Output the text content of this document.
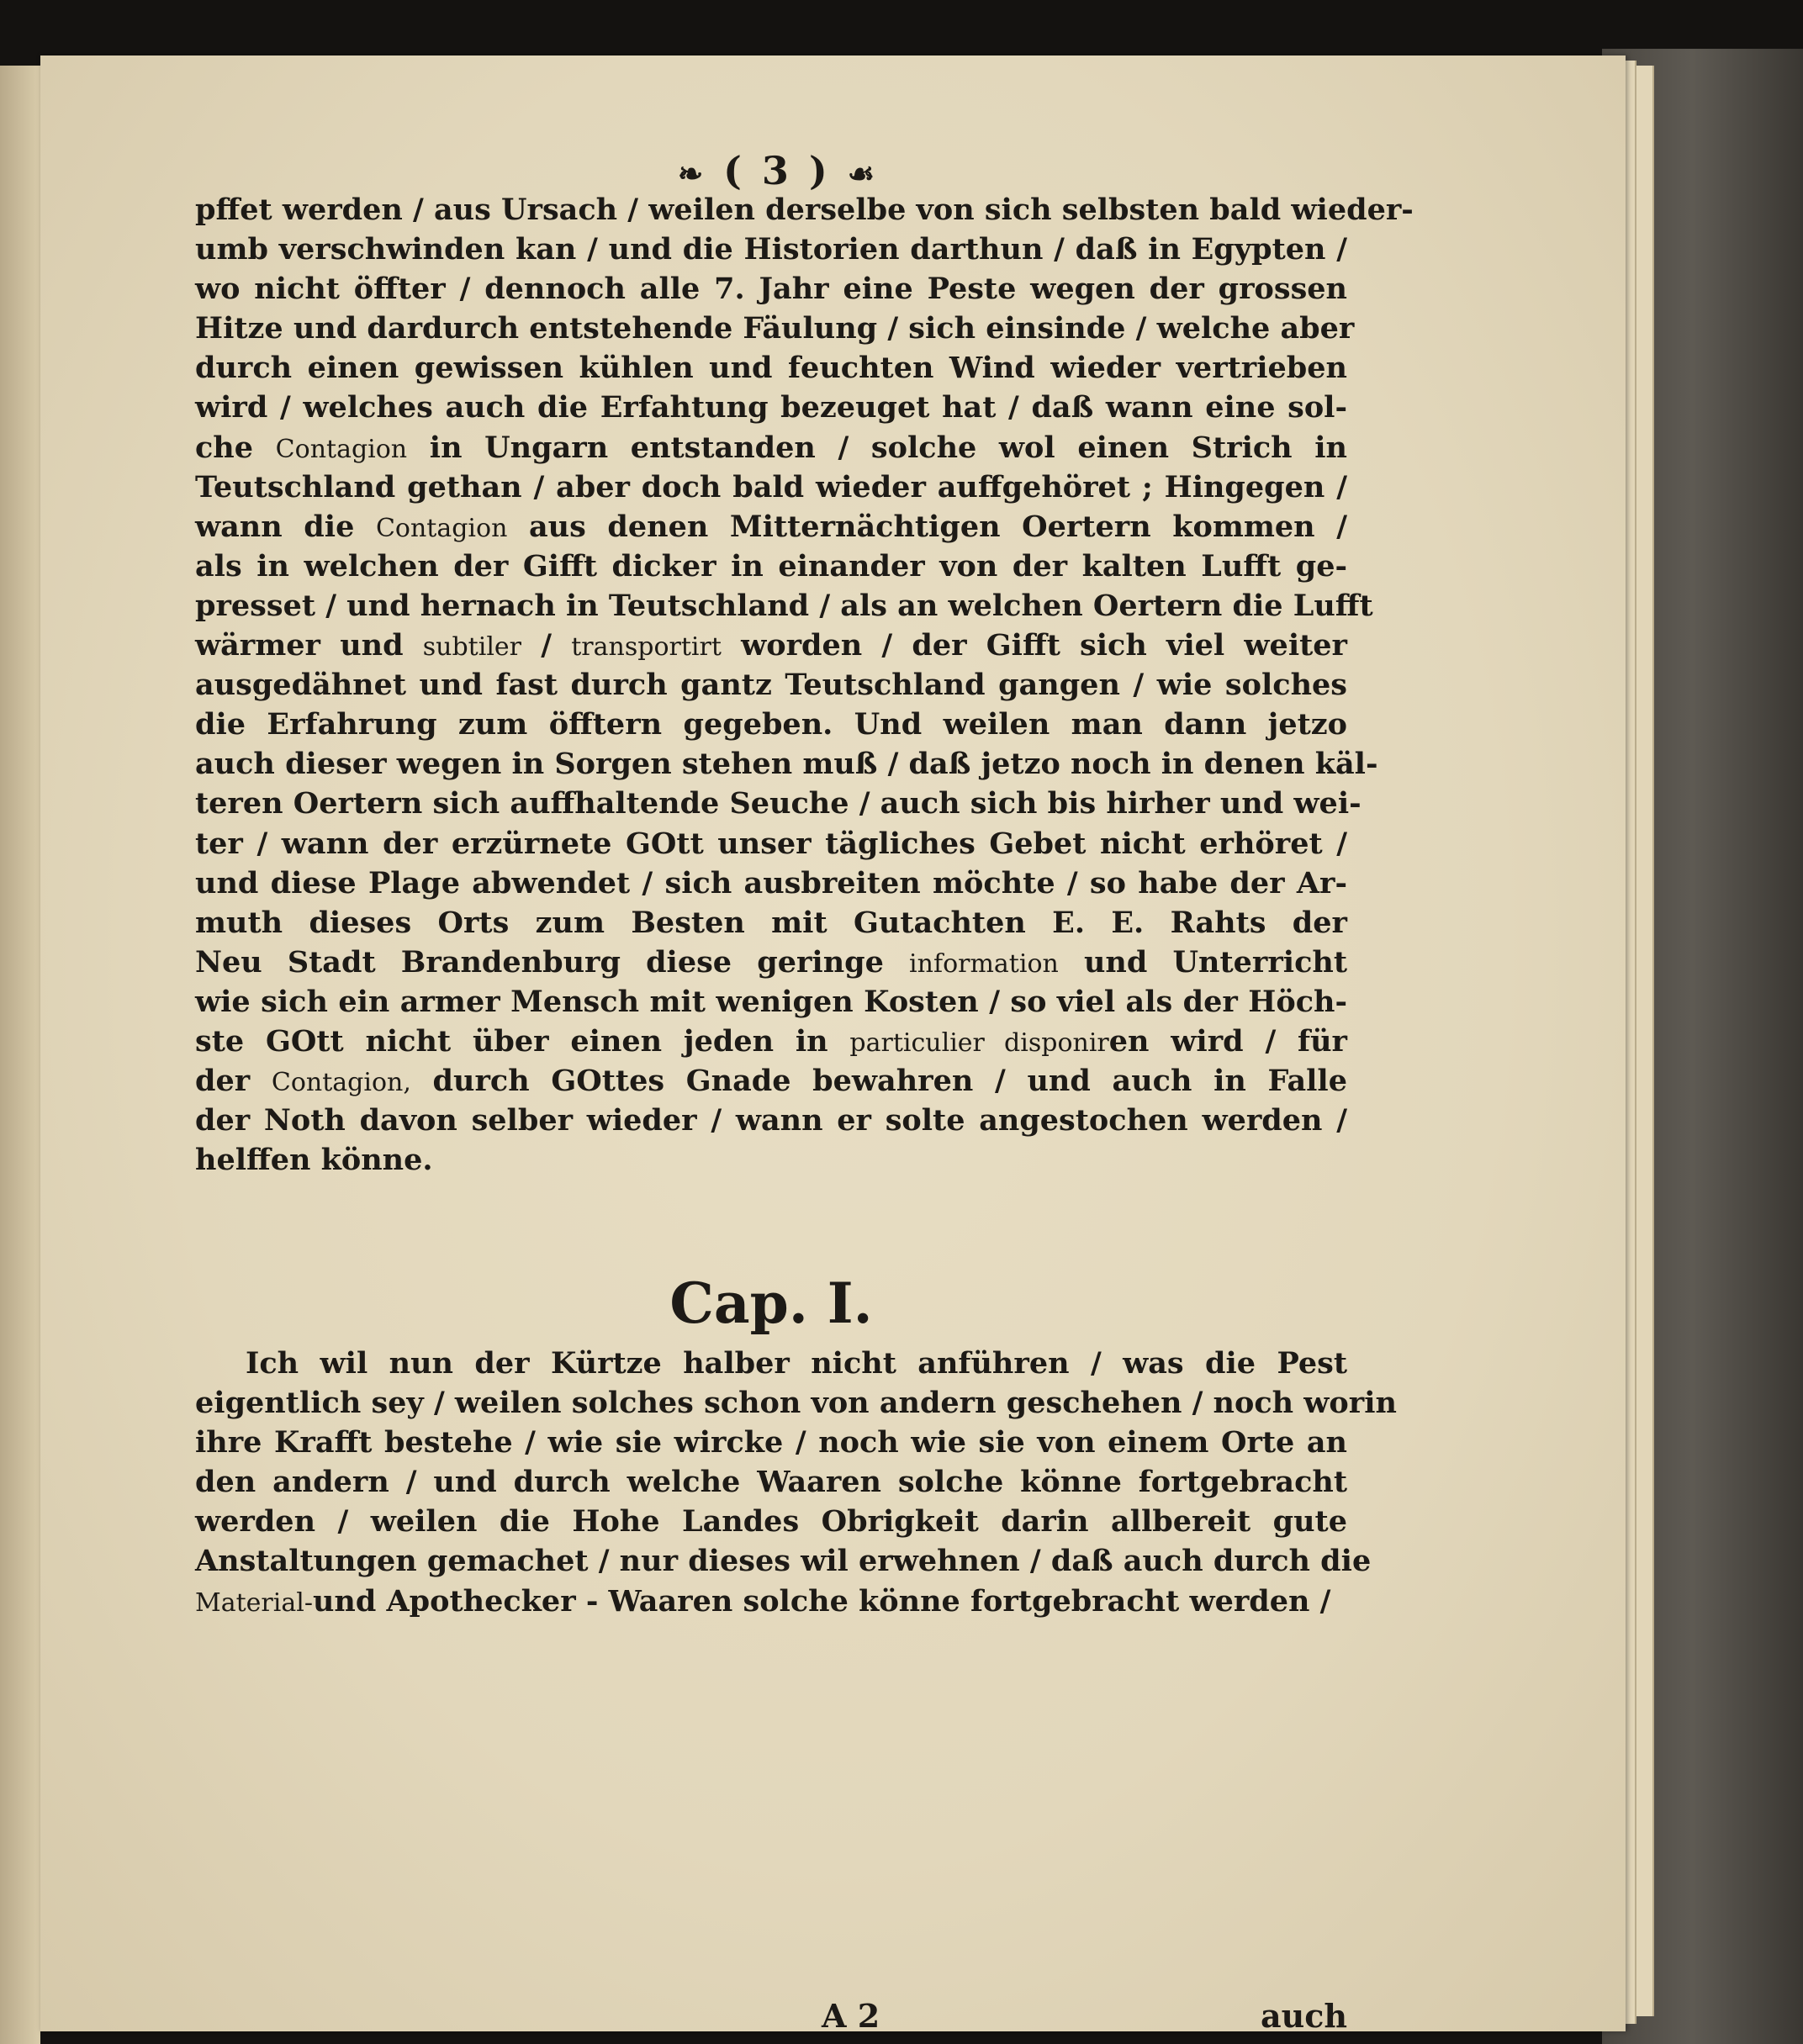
❧ ( 3 ) ☙
pffet werden / aus Ursach / weilen derselbe von sich selbsten bald wieder-
umb verschwinden kan / und die Historien darthun / daß in Egypten /
wo nicht öffter / dennoch alle 7. Jahr eine Peste wegen der grossen
Hitze und dardurch entstehende Fäulung / sich einsinde / welche aber
durch einen gewissen kühlen und feuchten Wind wieder vertrieben
wird / welches auch die Erfahtung bezeuget hat / daß wann eine sol-
che Contagion in Ungarn entstanden / solche wol einen Strich in
Teutschland gethan / aber doch bald wieder auffgehöret ; Hingegen /
wann die Contagion aus denen Mitternächtigen Oertern kommen /
als in welchen der Gifft dicker in einander von der kalten Lufft ge-
presset / und hernach in Teutschland / als an welchen Oertern die Lufft
wärmer und subtiler / transportirt worden / der Gifft sich viel weiter
ausgedähnet und fast durch gantz Teutschland gangen / wie solches
die Erfahrung zum öfftern gegeben. Und weilen man dann jetzo
auch dieser wegen in Sorgen stehen muß / daß jetzo noch in denen käl-
teren Oertern sich auffhaltende Seuche / auch sich bis hirher und wei-
ter / wann der erzürnete GOtt unser tägliches Gebet nicht erhöret /
und diese Plage abwendet / sich ausbreiten möchte / so habe der Ar-
muth dieses Orts zum Besten mit Gutachten E. E. Rahts der
Neu Stadt Brandenburg diese geringe information und Unterricht
wie sich ein armer Mensch mit wenigen Kosten / so viel als der Höch-
ste GOtt nicht über einen jeden in particulier disponiren wird / für
der Contagion, durch GOttes Gnade bewahren / und auch in Falle
der Noth davon selber wieder / wann er solte angestochen werden /
helffen könne.
Cap. I.
Ich wil nun der Kürtze halber nicht anführen / was die Pest
eigentlich sey / weilen solches schon von andern geschehen / noch worin
ihre Krafft bestehe / wie sie wircke / noch wie sie von einem Orte an
den andern / und durch welche Waaren solche könne fortgebracht
werden / weilen die Hohe Landes Obrigkeit darin allbereit gute
Anstaltungen gemachet / nur dieses wil erwehnen / daß auch durch die
Material-und Apothecker - Waaren solche könne fortgebracht werden /
A 2	auch
